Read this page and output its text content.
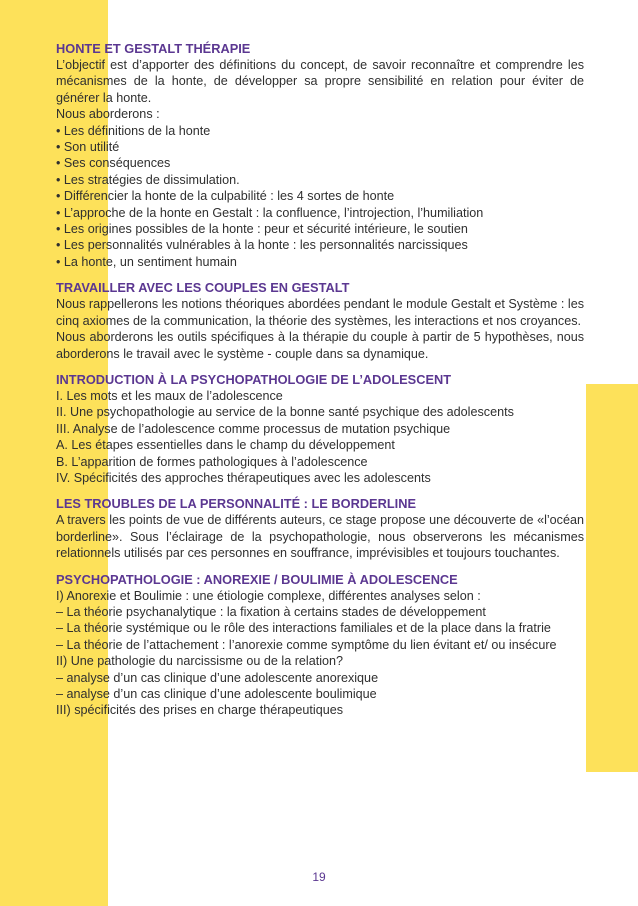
HONTE ET GESTALT THÉRAPIE

L’objectif est d’apporter des définitions du concept, de savoir reconnaître et comprendre les mécanismes de la honte, de développer sa propre sensibilité en relation pour éviter de générer la honte.

Nous aborderons :

• Les définitions de la honte

• Son utilité

• Ses conséquences

• Les stratégies de dissimulation.

• Différencier la honte de la culpabilité : les 4 sortes de honte

• L’approche de la honte en Gestalt : la confluence, l’introjection, l’humiliation

• Les origines possibles de la honte : peur et sécurité intérieure, le soutien

• Les personnalités vulnérables à la honte : les personnalités narcissiques

• La honte, un sentiment humain

TRAVAILLER AVEC LES COUPLES EN GESTALT

Nous rappellerons les notions théoriques abordées pendant le module Gestalt et Système : les cinq axiomes de la communication, la théorie des systèmes, les interactions et nos croyances.

Nous aborderons les outils spécifiques à la thérapie du couple à partir de 5 hypothèses, nous aborderons le travail avec le système - couple dans sa dynamique.

INTRODUCTION À LA PSYCHOPATHOLOGIE DE L’ADOLESCENT

I. Les mots et les maux de l’adolescence

II. Une psychopathologie au service de la bonne santé psychique des adolescents

III. Analyse de l’adolescence comme processus de mutation psychique

A. Les étapes essentielles dans le champ du développement

B. L’apparition de formes pathologiques à l’adolescence

IV. Spécificités des approches thérapeutiques avec les adolescents

LES TROUBLES DE LA PERSONNALITÉ : LE BORDERLINE

A travers les points de vue de différents auteurs, ce stage propose une découverte de «l’océan borderline». Sous l’éclairage de la psychopathologie, nous observerons les mécanismes relationnels utilisés par ces personnes en souffrance, imprévisibles et toujours touchantes.

PSYCHOPATHOLOGIE : ANOREXIE / BOULIMIE À ADOLESCENCE

I) Anorexie et Boulimie : une étiologie complexe, différentes analyses selon :

– La théorie psychanalytique : la fixation à certains stades de développement

– La théorie systémique ou le rôle des interactions familiales et de la place dans la fratrie

– La théorie de l’attachement : l’anorexie comme symptôme du lien évitant et/ ou insécure

II) Une pathologie du narcissisme ou de la relation?

– analyse d’un cas clinique d’une adolescente anorexique

– analyse d’un cas clinique d’une adolescente boulimique

III) spécificités des prises en charge thérapeutiques

19
